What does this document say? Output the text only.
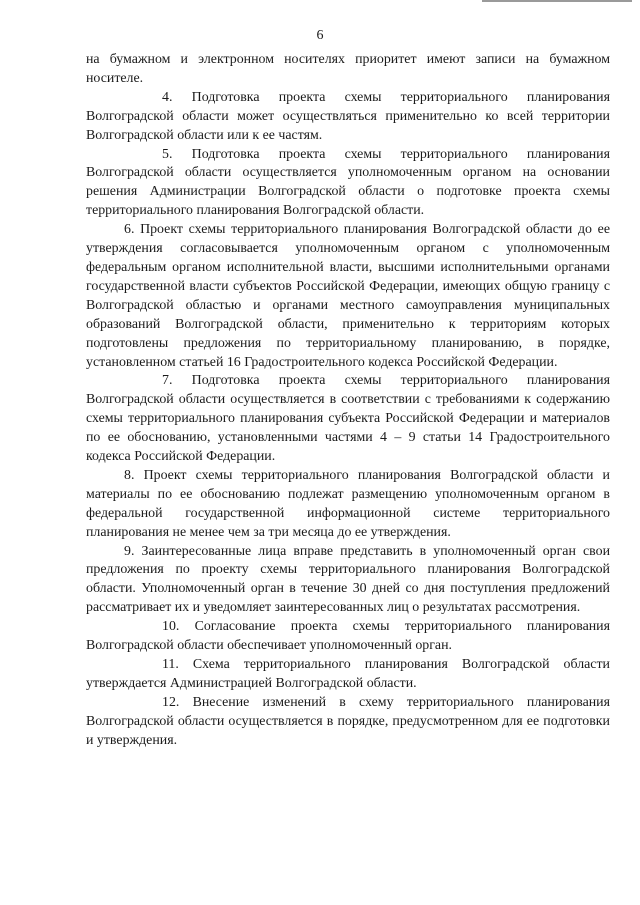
6

на бумажном и электронном носителях приоритет имеют записи на бумажном носителе.

4. Подготовка проекта схемы территориального планирования Волгоградской области может осуществляться применительно ко всей территории Волгоградской области или к ее частям.

5. Подготовка проекта схемы территориального планирования Волгоградской области осуществляется уполномоченным органом на основании решения Администрации Волгоградской области о подготовке проекта схемы территориального планирования Волгоградской области.

6. Проект схемы территориального планирования Волгоградской области до ее утверждения согласовывается уполномоченным органом с уполномоченным федеральным органом исполнительной власти, высшими исполнительными органами государственной власти субъектов Российской Федерации, имеющих общую границу с Волгоградской областью и органами местного самоуправления муниципальных образований Волгоградской области, применительно к территориям которых подготовлены предложения по территориальному планированию, в порядке, установленном статьей 16 Градостроительного кодекса Российской Федерации.

7. Подготовка проекта схемы территориального планирования Волгоградской области осуществляется в соответствии с требованиями к содержанию схемы территориального планирования субъекта Российской Федерации и материалов по ее обоснованию, установленными частями 4 – 9 статьи 14 Градостроительного кодекса Российской Федерации.

8. Проект схемы территориального планирования Волгоградской области и материалы по ее обоснованию подлежат размещению уполномоченным органом в федеральной государственной информационной системе территориального планирования не менее чем за три месяца до ее утверждения.

9. Заинтересованные лица вправе представить в уполномоченный орган свои предложения по проекту схемы территориального планирования Волгоградской области. Уполномоченный орган в течение 30 дней со дня поступления предложений рассматривает их и уведомляет заинтересованных лиц о результатах рассмотрения.

10. Согласование проекта схемы территориального планирования Волгоградской области обеспечивает уполномоченный орган.

11. Схема территориального планирования Волгоградской области утверждается Администрацией Волгоградской области.

12. Внесение изменений в схему территориального планирования Волгоградской области осуществляется в порядке, предусмотренном для ее подготовки и утверждения.
